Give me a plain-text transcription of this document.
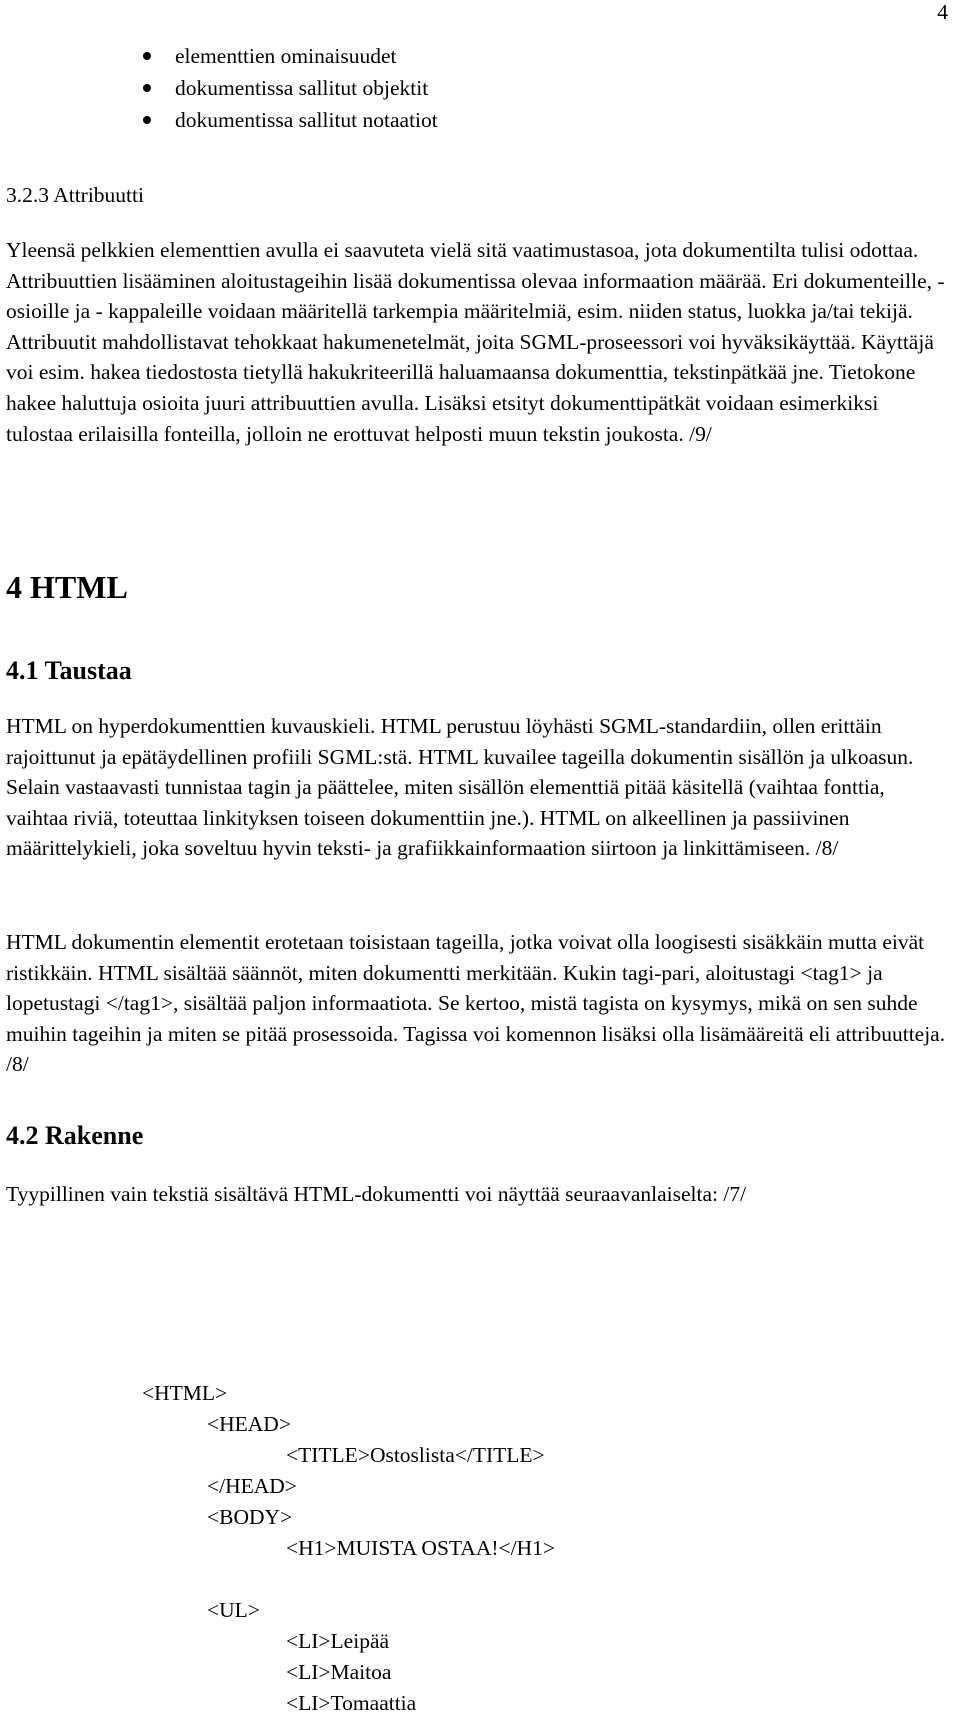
4
elementtien ominaisuudet
dokumentissa sallitut objektit
dokumentissa sallitut notaatiot
3.2.3 Attribuutti

Yleensä pelkkien elementtien avulla ei saavuteta vielä sitä vaatimustasoa, jota dokumentilta tulisi odottaa. Attribuuttien lisääminen aloitustageihin lisää dokumentissa olevaa informaation määrää. Eri dokumenteille, - osioille ja - kappaleille voidaan määritellä tarkempia määritelmiä, esim. niiden status, luokka ja/tai tekijä. Attribuutit mahdollistavat tehokkaat hakumenetelmät, joita SGML-proseessori voi hyväksikäyttää. Käyttäjä voi esim. hakea tiedostosta tietyllä hakukriteerillä haluamaansa dokumenttia, tekstinpätkää jne. Tietokone hakee haluttuja osioita juuri attribuuttien avulla. Lisäksi etsityt dokumenttipätkät voidaan esimerkiksi tulostaa erilaisilla fonteilla, jolloin ne erottuvat helposti muun tekstin joukosta. /9/

4 HTML
4.1 Taustaa

HTML on hyperdokumenttien kuvauskieli. HTML perustuu löyhästi SGML-standardiin, ollen erittäin rajoittunut ja epätäydellinen profiili SGML:stä. HTML kuvailee tageilla dokumentin sisällön ja ulkoasun. Selain vastaavasti tunnistaa tagin ja päättelee, miten sisällön elementtiä pitää käsitellä (vaihtaa fonttia, vaihtaa riviä, toteuttaa linkityksen toiseen dokumenttiin jne.). HTML on alkeellinen ja passiivinen määrittelykieli, joka soveltuu hyvin teksti- ja grafiikkainformaation siirtoon ja linkittämiseen. /8/

HTML dokumentin elementit erotetaan toisistaan tageilla, jotka voivat olla loogisesti sisäkkäin mutta eivät ristikkäin. HTML sisältää säännöt, miten dokumentti merkitään. Kukin tagi-pari, aloitustagi <tag1> ja lopetustagi </tag1>, sisältää paljon informaatiota. Se kertoo, mistä tagista on kysymys, mikä on sen suhde muihin tageihin ja miten se pitää prosessoida. Tagissa voi komennon lisäksi olla lisämääreitä eli attribuutteja. /8/

4.2 Rakenne

Tyypillinen vain tekstiä sisältävä HTML-dokumentti voi näyttää seuraavanlaiselta: /7/

<HTML>
<HEAD>
<TITLE>Ostoslista</TITLE>
</HEAD>
<BODY>
<H1>MUISTA OSTAA!</H1>
<UL>
<LI>Leipää
<LI>Maitoa
<LI>Tomaattia
